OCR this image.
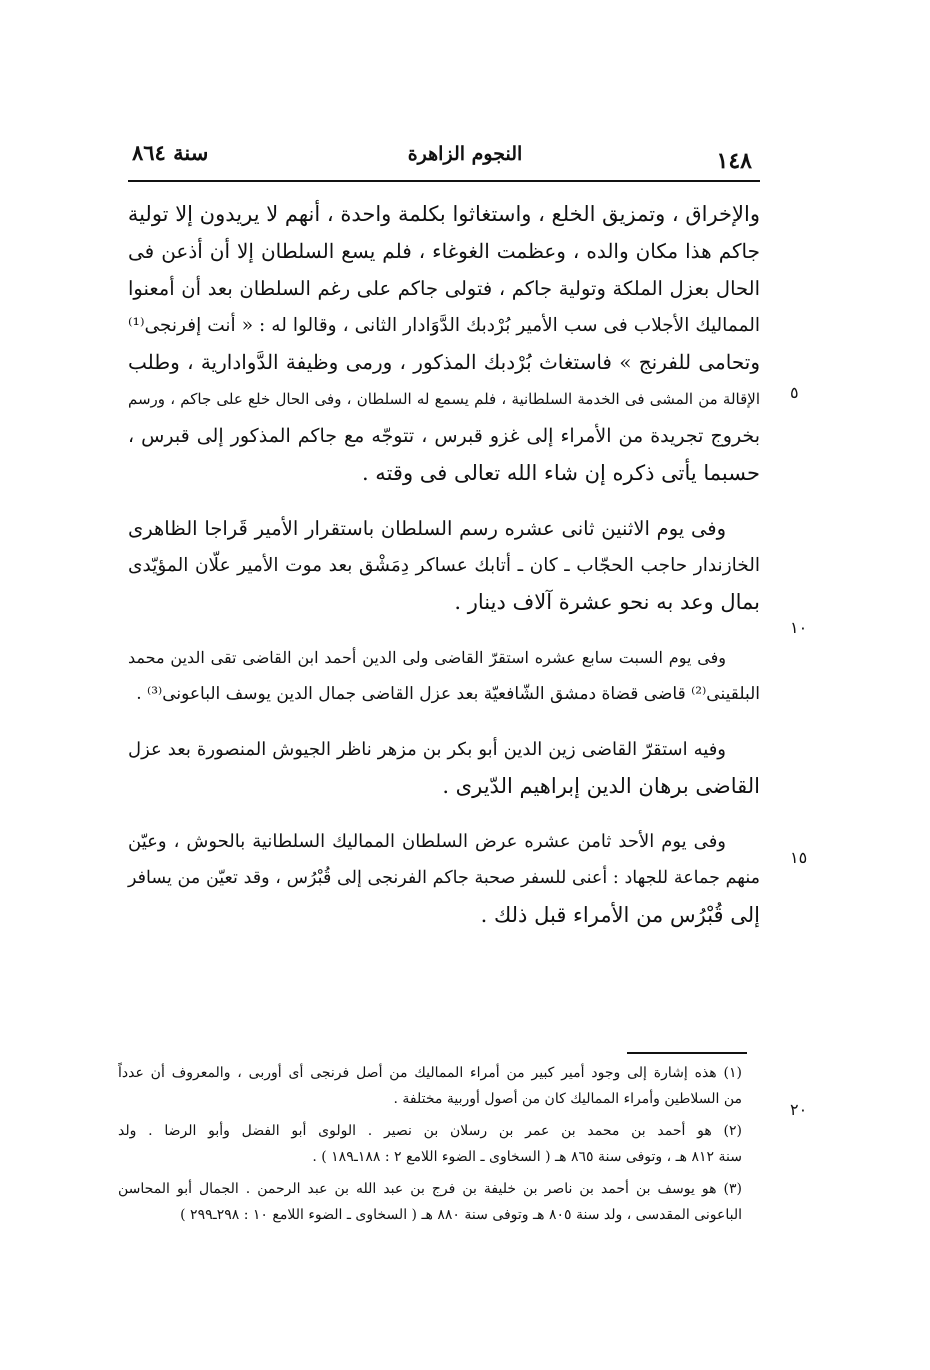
سنة ٨٦٤	النجوم الزاهرة	١٤٨
٥
١٠
١٥
٢٠
والإخراق ، وتمزيق الخلع ، واستغاثوا بكلمة واحدة ، أنهم لا يريدون إلا تولية
جاكم هذا مكان والده ، وعظمت الغوغاء ، فلم يسع السلطان إلا أن أذعن فى
الحال بعزل الملكة وتولية جاكم ، فتولى جاكم على رغم السلطان بعد أن أمعنوا
المماليك الأجلاب فى سب الأمير بُرْدبك الدَّوَادار الثانى ، وقالوا له : « أنت إفرنجى⁽¹⁾
وتحامى للفرنج » فاستغاث بُرْدبك المذكور ، ورمى وظيفة الدَّوادارية ، وطلب
الإقالة من المشى فى الخدمة السلطانية ، فلم يسمع له السلطان ، وفى الحال خلع على جاكم ، ورسم
بخروج تجريدة من الأمراء إلى غزو قبرس ، تتوجّه مع جاكم المذكور إلى قبرس ،
حسبما يأتى ذكره إن شاء الله تعالى فى وقته .
وفى يوم الاثنين ثانى عشره رسم السلطان باستقرار الأمير قَراجا الظاهرى
الخازندار حاجب الحجّاب ـ كان ـ أتابك عساكر دِمَشْق بعد موت الأمير علّان المؤيّدى
بمال وعد به نحو عشرة آلاف دينار .
وفى يوم السبت سابع عشره استقرّ القاضى ولى الدين أحمد ابن القاضى تقى الدين محمد
البلقينى⁽²⁾ قاضى قضاة دمشق الشّافعيّة بعد عزل القاضى جمال الدين يوسف الباعونى⁽³⁾ .
وفيه استقرّ القاضى زين الدين أبو بكر بن مزهر ناظر الجيوش المنصورة بعد عزل
القاضى برهان الدين إبراهيم الدّيرى .
وفى يوم الأحد ثامن عشره عرض السلطان المماليك السلطانية بالحوش ، وعيّن
منهم جماعة للجهاد : أعنى للسفر صحبة جاكم الفرنجى إلى قُبْرُس ، وقد تعيّن من يسافر
إلى قُبْرُس من الأمراء قبل ذلك .
(١) هذه إشارة إلى وجود أمير كبير من أمراء المماليك من أصل فرنجى أى أوربى ، والمعروف أن عدداً
من السلاطين وأمراء المماليك كان من أصول أوربية مختلفة .
(٢) هو أحمد بن محمد بن عمر بن رسلان بن نصير . الولوى أبو الفضل وأبو الرضا . ولد
سنة ٨١٢ هـ ، وتوفى سنة ٨٦٥ هـ ( السخاوى ـ الضوء اللامع ٢ : ١٨٨ـ١٨٩ ) .
(٣) هو يوسف بن أحمد بن ناصر بن خليفة بن فرج بن عبد الله بن عبد الرحمن . الجمال أبو المحاسن
الباعونى المقدسى ، ولد سنة ٨٠٥ هـ وتوفى سنة ٨٨٠ هـ ( السخاوى ـ الضوء اللامع ١٠ : ٢٩٨ـ٢٩٩ )
